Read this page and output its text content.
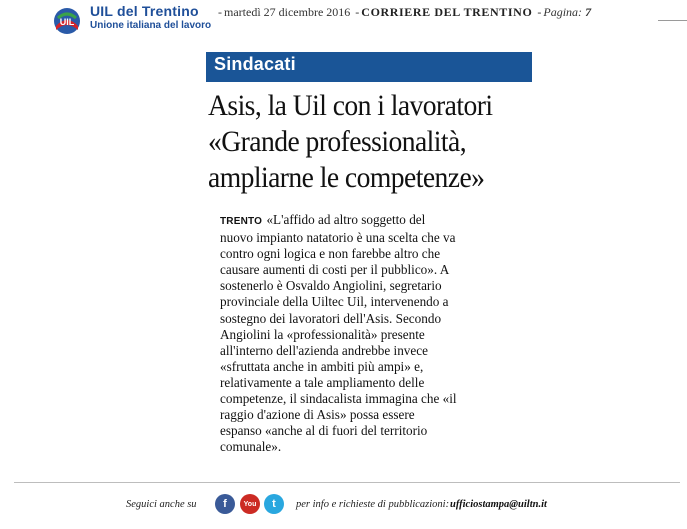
UIL
UIL del Trentino
Unione italiana del lavoro
- martedì 27 dicembre 2016 - CORRIERE DEL TRENTINO - Pagina: 7
Sindacati
Asis, la Uil con i lavoratori
«Grande professionalità,
ampliarne le competenze»
TRENTO «L'affido ad altro soggetto del
nuovo impianto natatorio è una scelta che va
contro ogni logica e non farebbe altro che
causare aumenti di costi per il pubblico». A
sostenerlo è Osvaldo Angiolini, segretario
provinciale della Uiltec Uil, intervenendo a
sostegno dei lavoratori dell'Asis. Secondo
Angiolini la «professionalità» presente
all'interno dell'azienda andrebbe invece
«sfruttata anche in ambiti più ampi» e,
relativamente a tale ampliamento delle
competenze, il sindacalista immagina che «il
raggio d'azione di Asis» possa essere
espanso «anche al di fuori del territorio
comunale».
Seguici anche su f You t per info e richieste di pubblicazioni: ufficiostampa@uiltn.it
